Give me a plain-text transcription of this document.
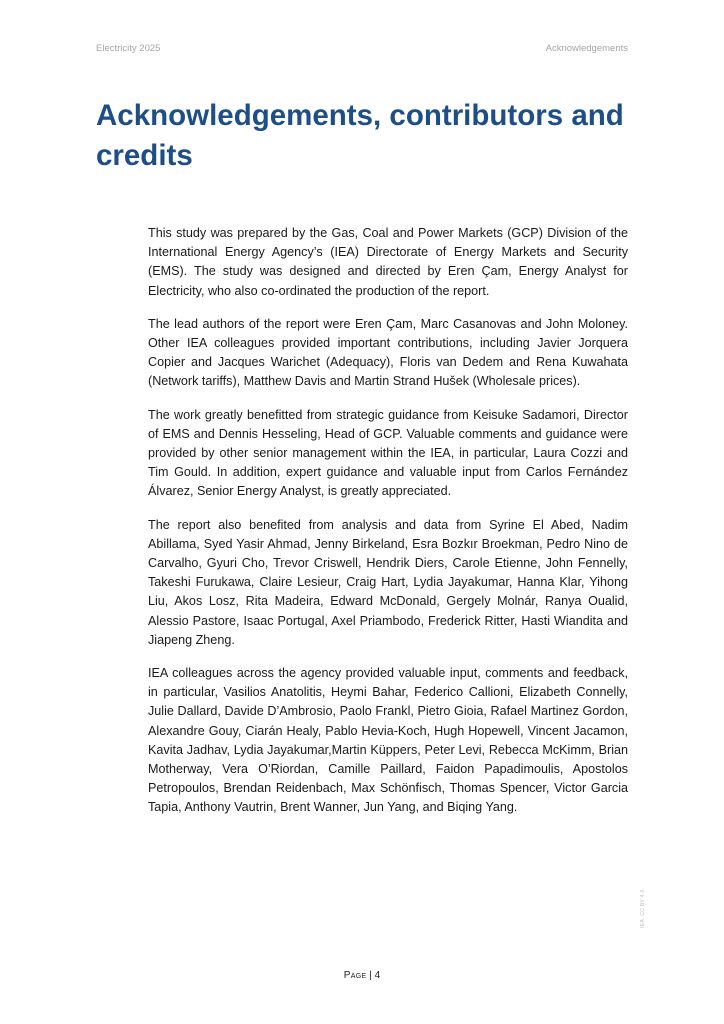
Electricity 2025	Acknowledgements
Acknowledgements, contributors and credits

This study was prepared by the Gas, Coal and Power Markets (GCP) Division of the International Energy Agency’s (IEA) Directorate of Energy Markets and Security (EMS). The study was designed and directed by Eren Çam, Energy Analyst for Electricity, who also co-ordinated the production of the report.

The lead authors of the report were Eren Çam, Marc Casanovas and John Moloney. Other IEA colleagues provided important contributions, including Javier Jorquera Copier and Jacques Warichet (Adequacy), Floris van Dedem and Rena Kuwahata (Network tariffs), Matthew Davis and Martin Strand Hušek (Wholesale prices).

The work greatly benefitted from strategic guidance from Keisuke Sadamori, Director of EMS and Dennis Hesseling, Head of GCP. Valuable comments and guidance were provided by other senior management within the IEA, in particular, Laura Cozzi and Tim Gould. In addition, expert guidance and valuable input from Carlos Fernández Álvarez, Senior Energy Analyst, is greatly appreciated.

The report also benefited from analysis and data from Syrine El Abed, Nadim Abillama, Syed Yasir Ahmad, Jenny Birkeland, Esra Bozkır Broekman, Pedro Nino de Carvalho, Gyuri Cho, Trevor Criswell, Hendrik Diers, Carole Etienne, John Fennelly, Takeshi Furukawa, Claire Lesieur, Craig Hart, Lydia Jayakumar, Hanna Klar, Yihong Liu, Akos Losz, Rita Madeira, Edward McDonald, Gergely Molnár, Ranya Oualid, Alessio Pastore, Isaac Portugal, Axel Priambodo, Frederick Ritter, Hasti Wiandita and Jiapeng Zheng.

IEA colleagues across the agency provided valuable input, comments and feedback, in particular, Vasilios Anatolitis, Heymi Bahar, Federico Callioni, Elizabeth Connelly, Julie Dallard, Davide D’Ambrosio, Paolo Frankl, Pietro Gioia, Rafael Martinez Gordon, Alexandre Gouy, Ciarán Healy, Pablo Hevia-Koch, Hugh Hopewell, Vincent Jacamon, Kavita Jadhav, Lydia Jayakumar,Martin Küppers, Peter Levi, Rebecca McKimm, Brian Motherway, Vera O’Riordan, Camille Paillard, Faidon Papadimoulis, Apostolos Petropoulos, Brendan Reidenbach, Max Schönfisch, Thomas Spencer, Victor Garcia Tapia, Anthony Vautrin, Brent Wanner, Jun Yang, and Biqing Yang.

IEA. CC BY 4.0.
Page | 4
